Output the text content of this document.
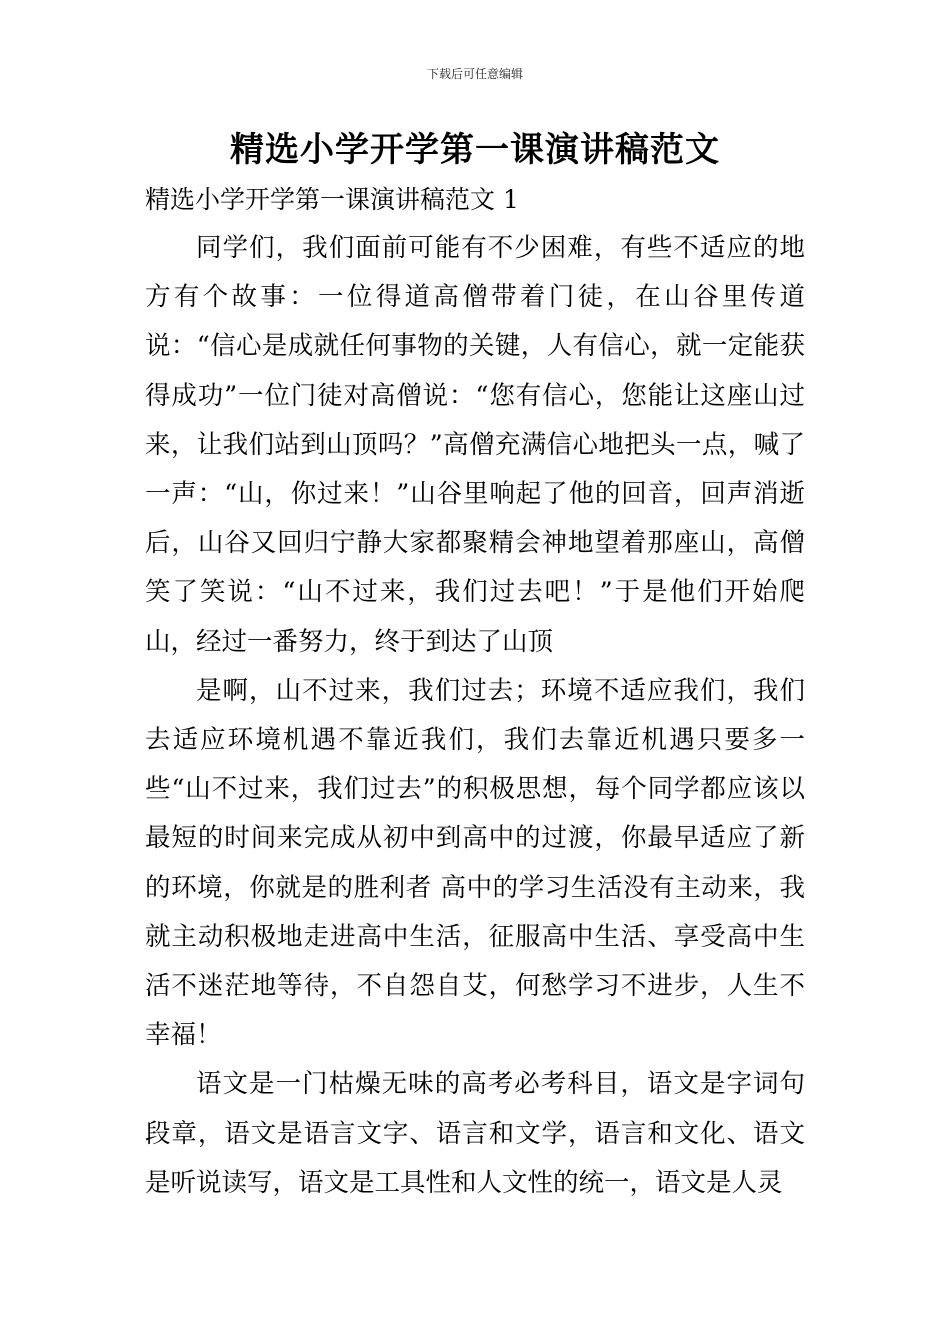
下载后可任意编辑
精选小学开学第一课演讲稿范文
精选小学开学第一课演讲稿范文 1

同学们，我们面前可能有不少困难，有些不适应的地方有个故事：一位得道高僧带着门徒，在山谷里传道说：“信心是成就任何事物的关键，人有信心，就一定能获得成功”一位门徒对高僧说：“您有信心，您能让这座山过来，让我们站到山顶吗？”高僧充满信心地把头一点，喊了一声：“山，你过来！”山谷里响起了他的回音，回声消逝后，山谷又回归宁静大家都聚精会神地望着那座山，高僧笑了笑说：“山不过来，我们过去吧！”于是他们开始爬山，经过一番努力，终于到达了山顶

是啊，山不过来，我们过去；环境不适应我们，我们去适应环境机遇不靠近我们，我们去靠近机遇只要多一些“山不过来，我们过去”的积极思想，每个同学都应该以最短的时间来完成从初中到高中的过渡，你最早适应了新的环境，你就是的胜利者 高中的学习生活没有主动来，我就主动积极地走进高中生活，征服高中生活、享受高中生活不迷茫地等待，不自怨自艾，何愁学习不进步，人生不幸福！

语文是一门枯燥无味的高考必考科目，语文是字词句段章，语文是语言文字、语言和文学，语言和文化、语文是听说读写，语文是工具性和人文性的统一，语文是人灵
